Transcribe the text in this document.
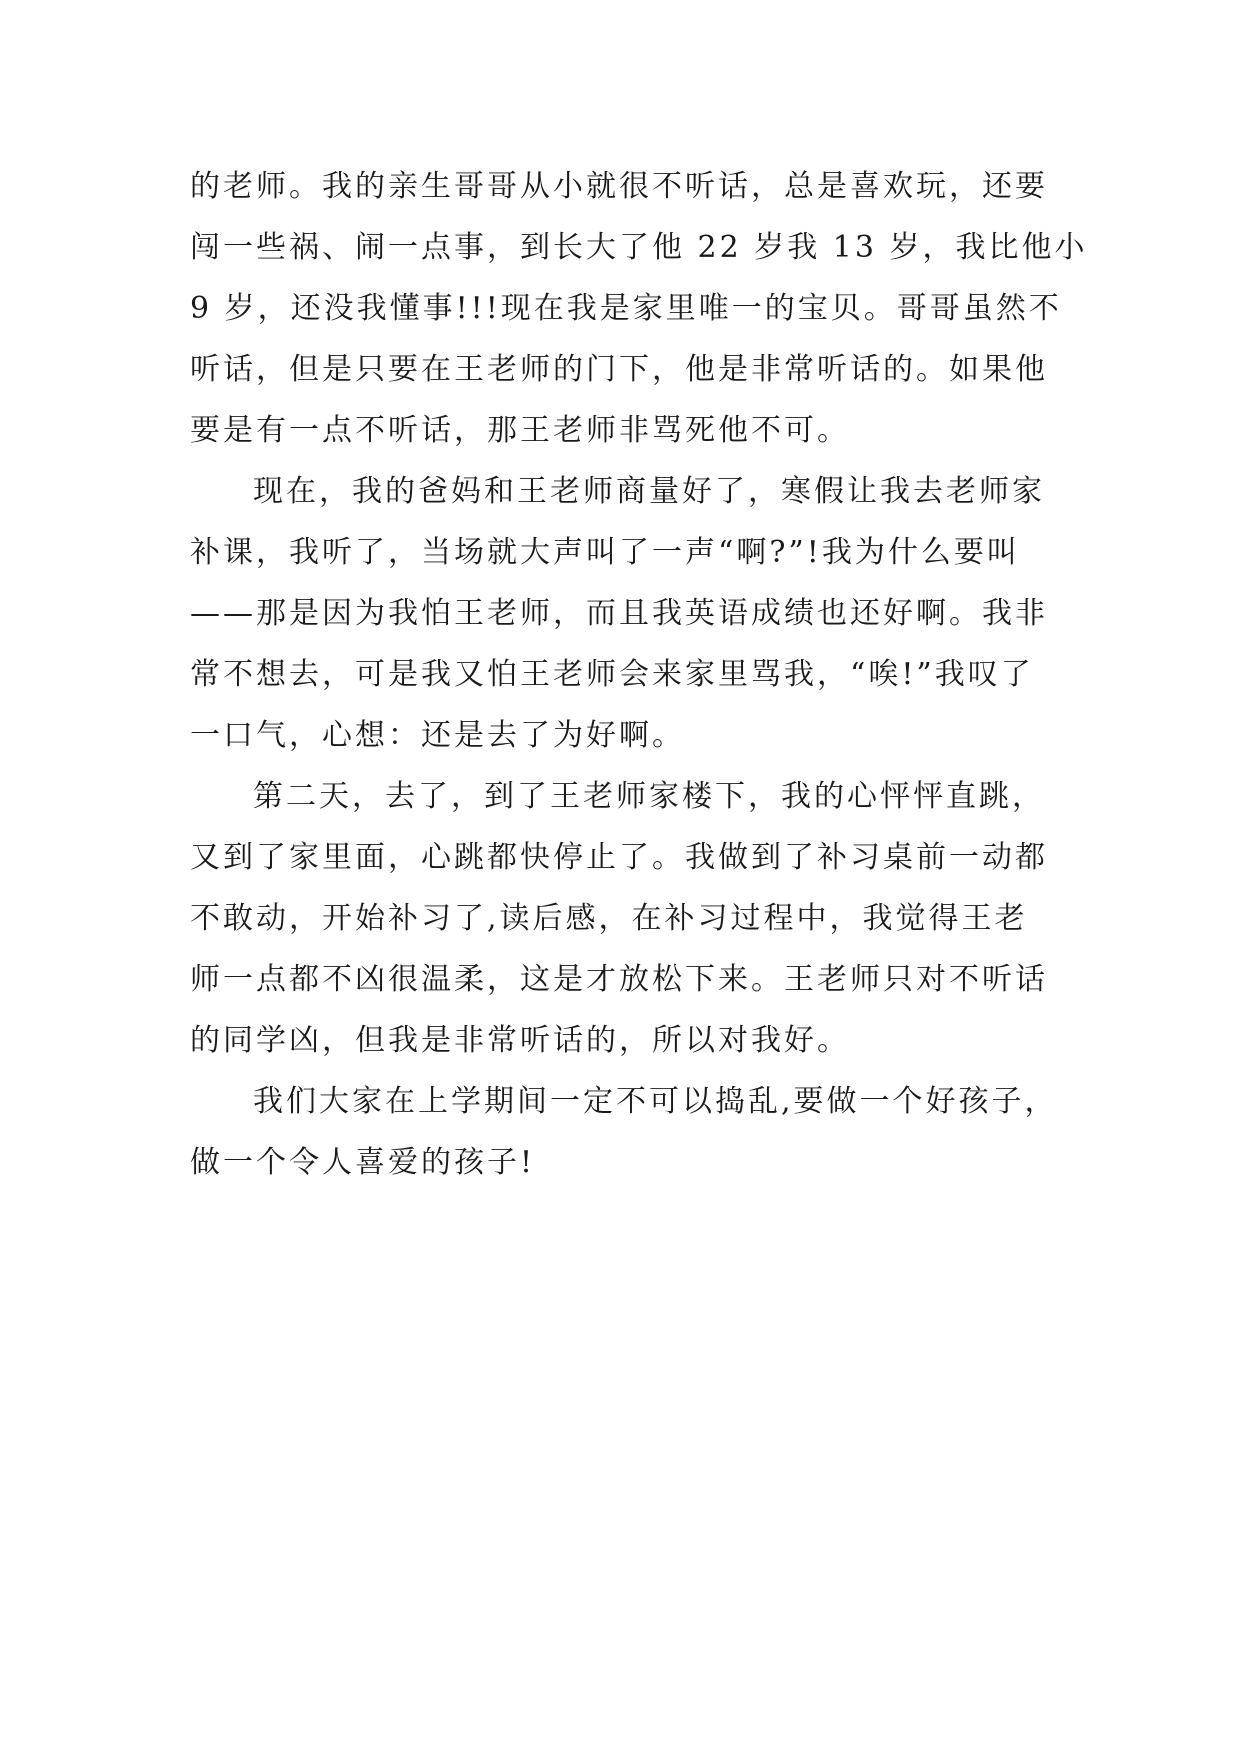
的老师。我的亲生哥哥从小就很不听话，总是喜欢玩，还要
闯一些祸、闹一点事，到长大了他 22 岁我 13 岁，我比他小
9 岁，还没我懂事!!!现在我是家里唯一的宝贝。哥哥虽然不
听话，但是只要在王老师的门下，他是非常听话的。如果他
要是有一点不听话，那王老师非骂死他不可。
现在，我的爸妈和王老师商量好了，寒假让我去老师家
补课，我听了，当场就大声叫了一声“啊?”!我为什么要叫
——那是因为我怕王老师，而且我英语成绩也还好啊。我非
常不想去，可是我又怕王老师会来家里骂我，“唉!”我叹了
一口气，心想：还是去了为好啊。
第二天，去了，到了王老师家楼下，我的心怦怦直跳，
又到了家里面，心跳都快停止了。我做到了补习桌前一动都
不敢动，开始补习了,读后感，在补习过程中，我觉得王老
师一点都不凶很温柔，这是才放松下来。王老师只对不听话
的同学凶，但我是非常听话的，所以对我好。
我们大家在上学期间一定不可以捣乱,要做一个好孩子，
做一个令人喜爱的孩子!
